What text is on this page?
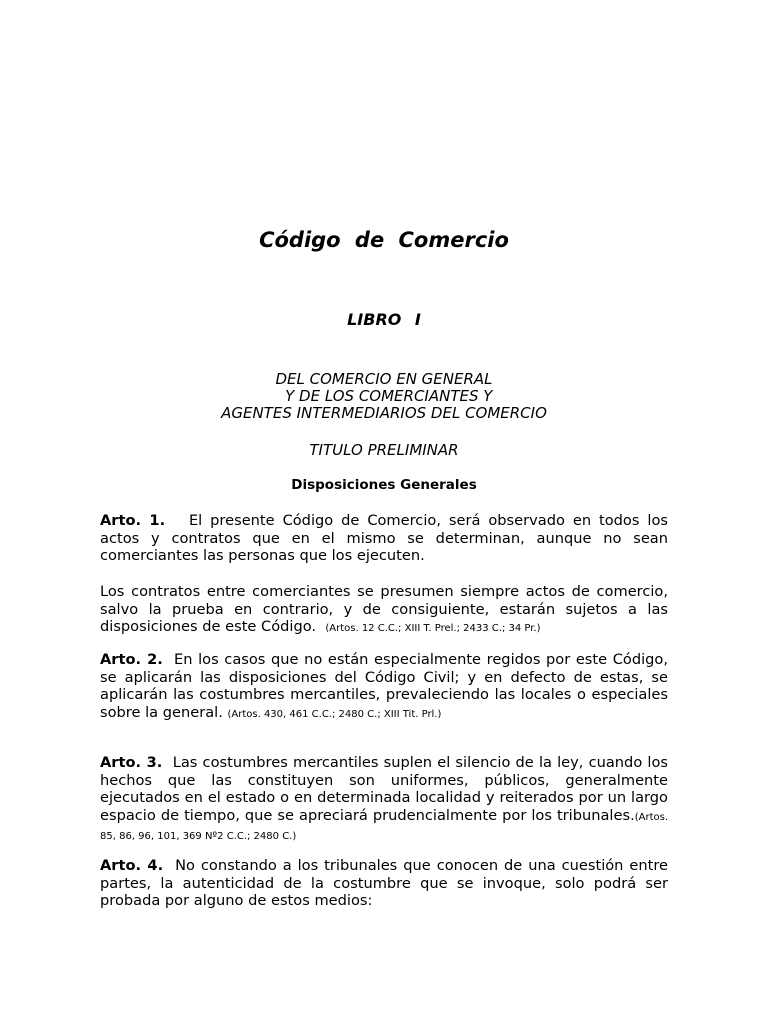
Código de Comercio
LIBRO I
DEL COMERCIO EN GENERAL
Y DE LOS COMERCIANTES Y
AGENTES INTERMEDIARIOS DEL COMERCIO
TITULO PRELIMINAR
Disposiciones Generales
Arto. 1. El presente Código de Comercio, será observado en todos los actos y contratos que en el mismo se determinan, aunque no sean comerciantes las personas que los ejecuten.
Los contratos entre comerciantes se presumen siempre actos de comercio, salvo la prueba en contrario, y de consiguiente, estarán sujetos a las disposiciones de este Código. (Artos. 12 C.C.; XIII T. Prel.; 2433 C.; 34 Pr.)
Arto. 2. En los casos que no están especialmente regidos por este Código, se aplicarán las disposiciones del Código Civil; y en defecto de estas, se aplicarán las costumbres mercantiles, prevaleciendo las locales o especiales sobre la general. (Artos. 430, 461 C.C.; 2480 C.; XIII Tit. Prl.)
Arto. 3. Las costumbres mercantiles suplen el silencio de la ley, cuando los hechos que las constituyen son uniformes, públicos, generalmente ejecutados en el estado o en determinada localidad y reiterados por un largo espacio de tiempo, que se apreciará prudencialmente por los tribunales.(Artos. 85, 86, 96, 101, 369 Nº2 C.C.; 2480 C.)
Arto. 4. No constando a los tribunales que conocen de una cuestión entre partes, la autenticidad de la costumbre que se invoque, solo podrá ser probada por alguno de estos medios:
